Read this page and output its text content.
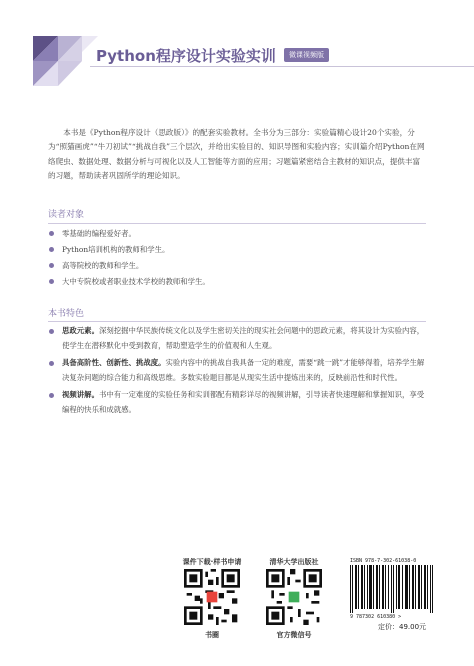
Python程序设计实验实训	微课视频版

本书是《Python程序设计（思政版）》的配套实验教材。全书分为三部分：实验篇精心设计20个实验，分为“照猫画虎”“牛刀初试”“挑战自我”三个层次，并给出实验目的、知识导图和实验内容；实训篇介绍Python在网络爬虫、数据处理、数据分析与可视化以及人工智能等方面的应用；习题篇紧密结合主教材的知识点，提供丰富的习题，帮助读者巩固所学的理论知识。

读者对象
零基础的编程爱好者。
Python培训机构的教师和学生。
高等院校的教师和学生。
大中专院校或者职业技术学校的教师和学生。
本书特色
思政元素。深刻挖掘中华民族传统文化以及学生密切关注的现实社会问题中的思政元素，将其设计为实验内容，使学生在潜移默化中受到教育，帮助塑造学生的价值观和人生观。
具备高阶性、创新性、挑战度。实验内容中的挑战自我具备一定的难度，需要“跳一跳”才能够得着，培养学生解决复杂问题的综合能力和高级思维。多数实验题目都是从现实生活中提炼出来的，反映前沿性和时代性。
视频讲解。书中有一定难度的实验任务和实训都配有精彩详尽的视频讲解，引导读者快速理解和掌握知识，享受编程的快乐和成就感。
课件下载·样书申请
书圈
清华大学出版社
官方微信号
ISBN 978-7-302-61038-0
9 787302 610380 >
定价：49.00元
